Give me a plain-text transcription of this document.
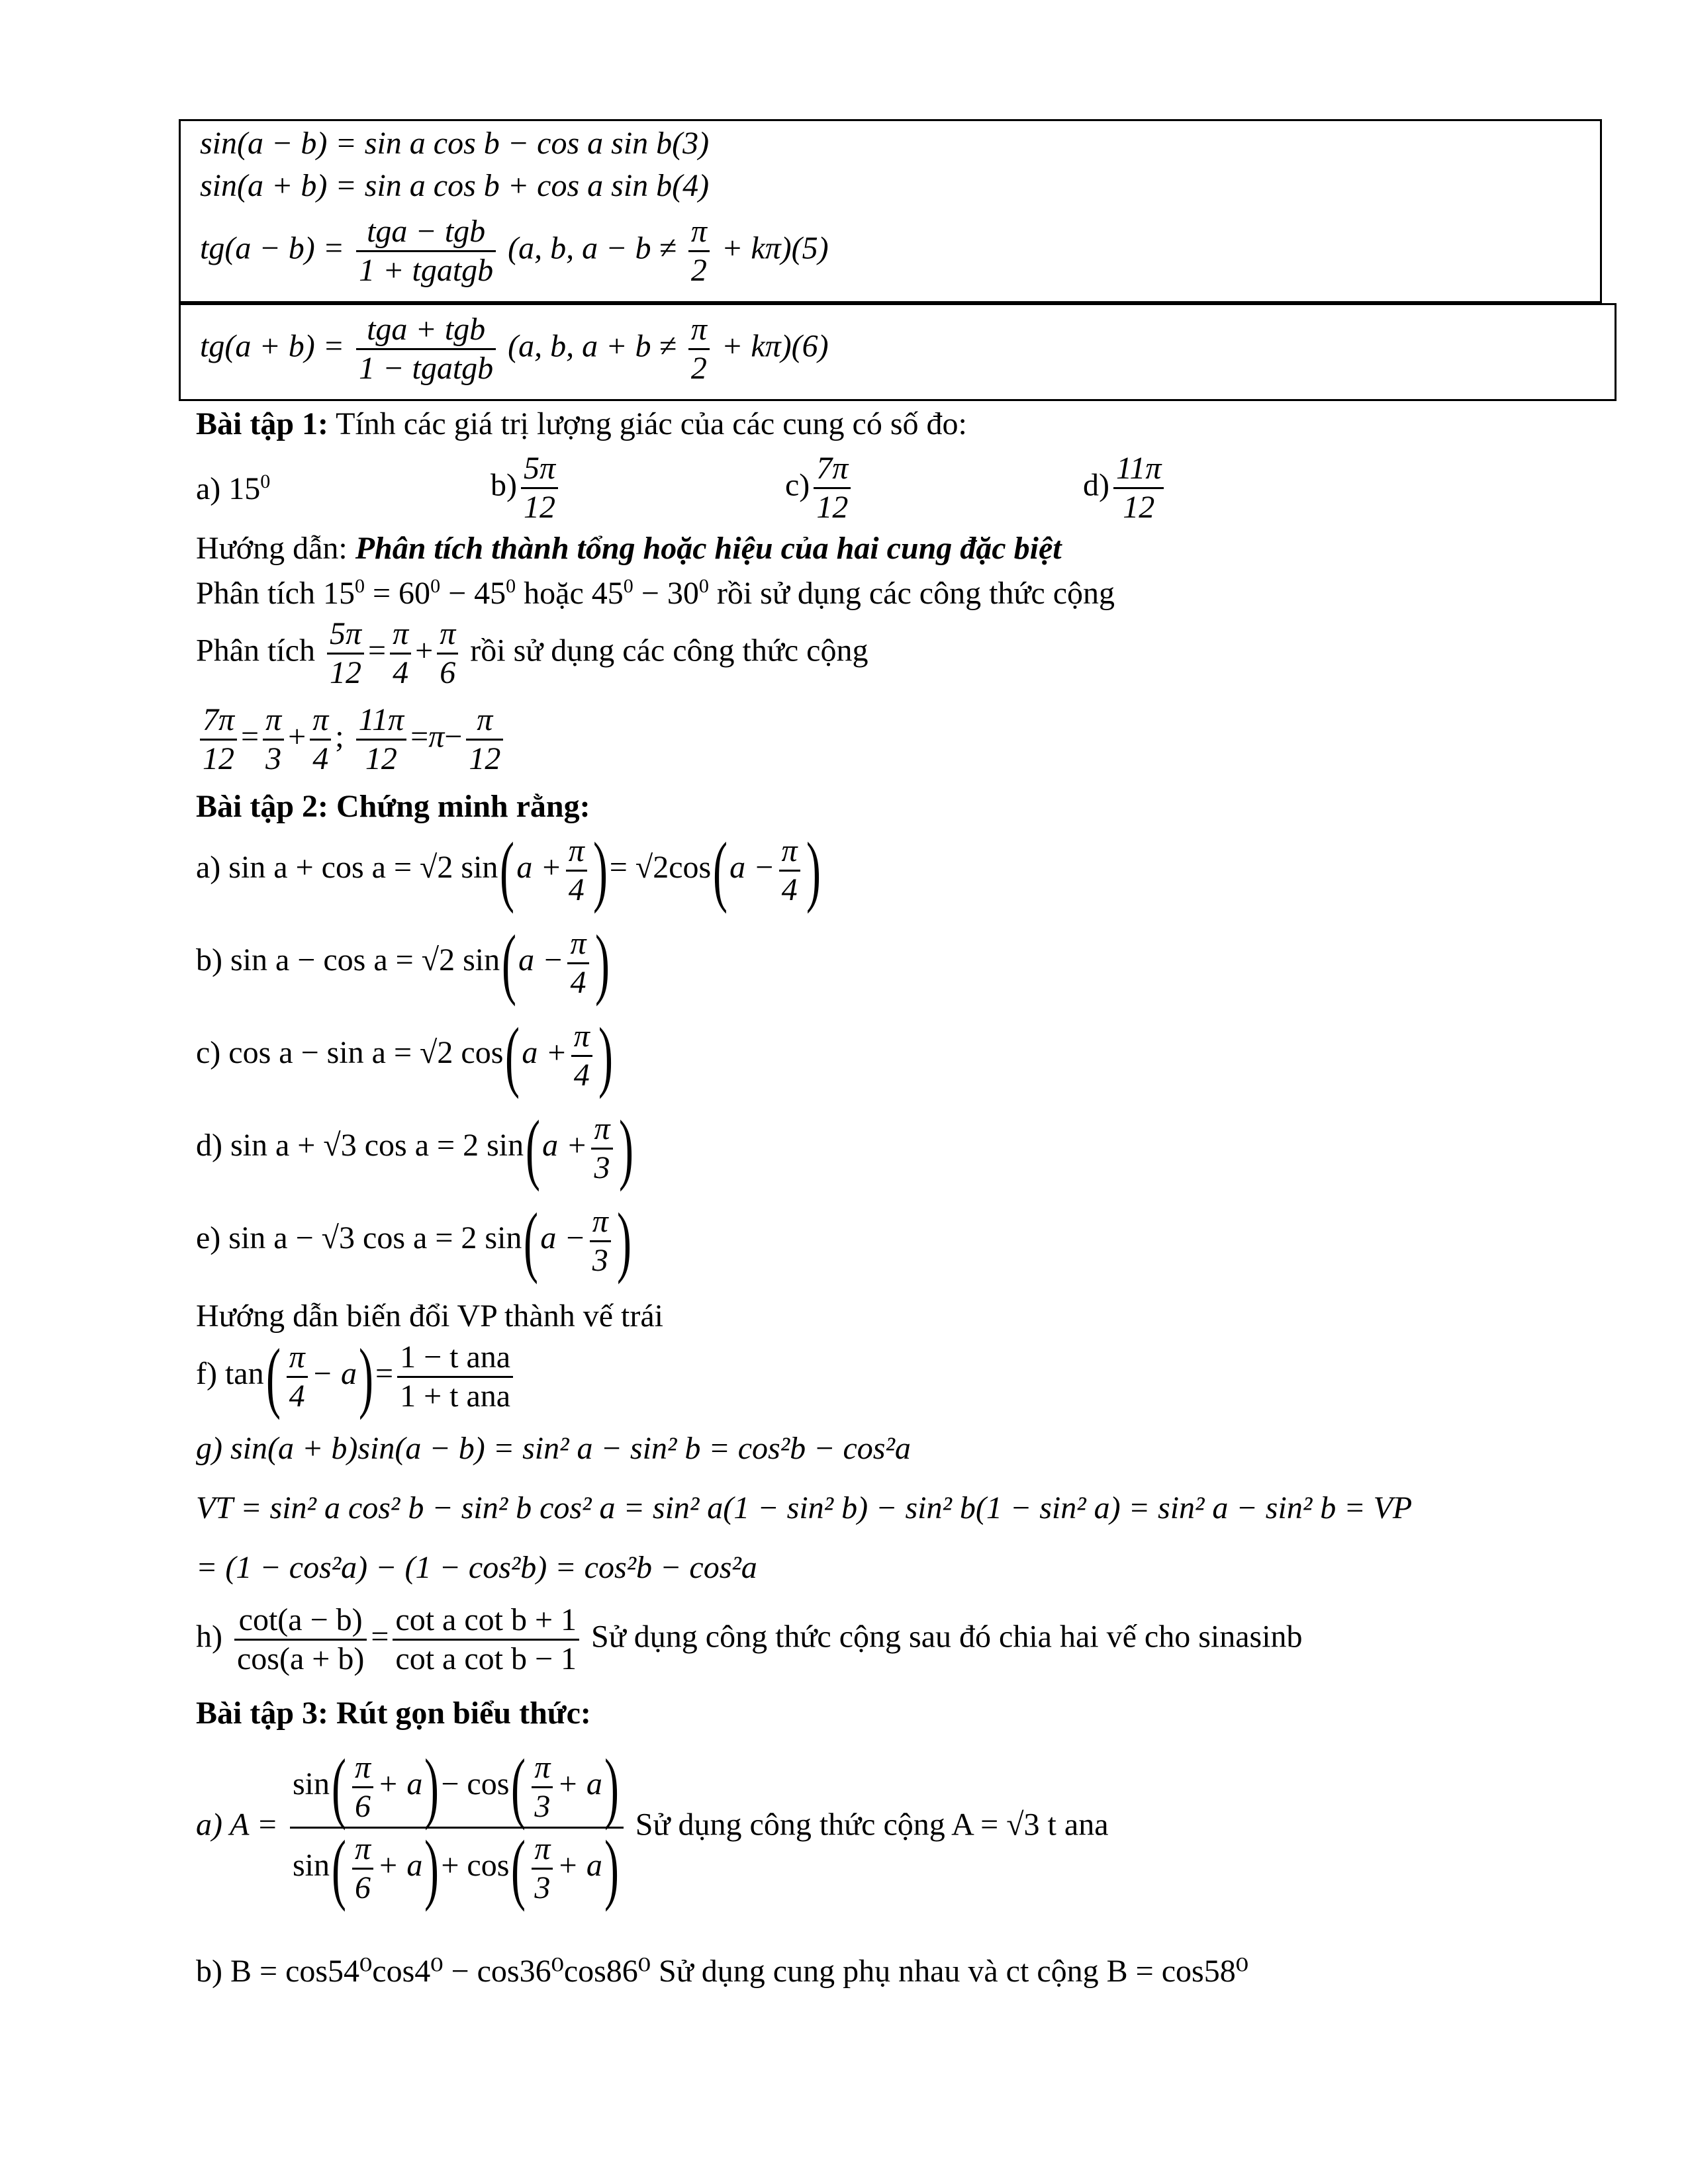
sin(a − b) = sin a cos b − cos a sin b(3)
sin(a + b) = sin a cos b + cos a sin b(4)
$tg(a - b) = \frac{\text{tga − tgb}}{\text{1 + tgatgb}} (a$, b, $a - b \ne \frac{\pi}{2} + k\pi)(5)$
$tg(a + b) = \frac{\text{tga + tgb}}{\text{1 − tgatgb}} (a$, b, $a + b \ne \frac{\pi}{2} + k\pi)(6)$
Bài tập 1: Tính các giá trị lượng giác của các cung có số đo:
a) $15^0$	$b) \frac{5\pi}{12}$	$c) \frac{7\pi}{12}$	$d) \frac{11\pi}{12}$
Hướng dẫn: Phân tích thành tổng hoặc hiệu của hai cung đặc biệt
Phân tích $15^0 = 60^0 - 45^0$ hoặc $45^0 - 30^0$ rồi sử dụng các công thức cộng
Phân tích $\frac{5\pi}{12} = \frac{\pi}{4} + \frac{\pi}{6}$ rồi sử dụng các công thức cộng
$\frac{7\pi}{12} = \frac{\pi}{3} + \frac{\pi}{4}$ ; $\frac{11\pi}{12} =\pi- \frac{\pi}{12}$
Bài tập 2: Chứng minh rằng:
a) sin a + cos a = √2 $\sin(a + \frac{\pi}{4}$ )= $√2\cos(a - \frac{\pi}{4}$ )
b) sin a − cos a = √2 $\sin(a - \frac{\pi}{4}$ )
c) cos a − sin a = √2 $\cos(a + \frac{\pi}{4}$ )
d) sin a + √3 cos a = 2 $\sin(a + \frac{\pi}{3}$ )
e) sin a − √3 cos a = 2 $\sin(a - \frac{\pi}{3}$ )
Hướng dẫn biến đổi VP thành vế trái
f) $\tan( \frac{\pi}{4} - a)= \frac{\text{1 − t ana}}{\text{1 + t ana}}$
g) sin(a + b)sin(a − b) = sin² a − sin² b = cos²b − cos²a
VT = sin² a cos² b − sin² b cos² a = sin² a(1 − sin² b) − sin² b(1 − sin² a) = sin² a − sin² b = VP
= (1 − cos²a) − (1 − cos²b) = cos²b − cos²a
$h) \frac{\cot(a - b)}{\cos(a + b)} = \frac{\text{cot a cot b + 1}}{\text{cot a cot b − 1}}$ Sử dụng công thức cộng sau đó chia hai vế cho sinasinb
Bài tập 3: Rút gọn biểu thức:
a) $A = \frac{\sin( \frac{\pi}{6} + a)- \cos( \frac{\pi}{3} + a)}{\sin( \frac{\pi}{6} + a)+ \cos( \frac{\pi}{3} + a)}$ Sử dụng công thức cộng A = √3 t ana
b) B = cos54⁰cos4⁰ − cos36⁰cos86⁰ Sử dụng cung phụ nhau và ct cộng B = cos58⁰
